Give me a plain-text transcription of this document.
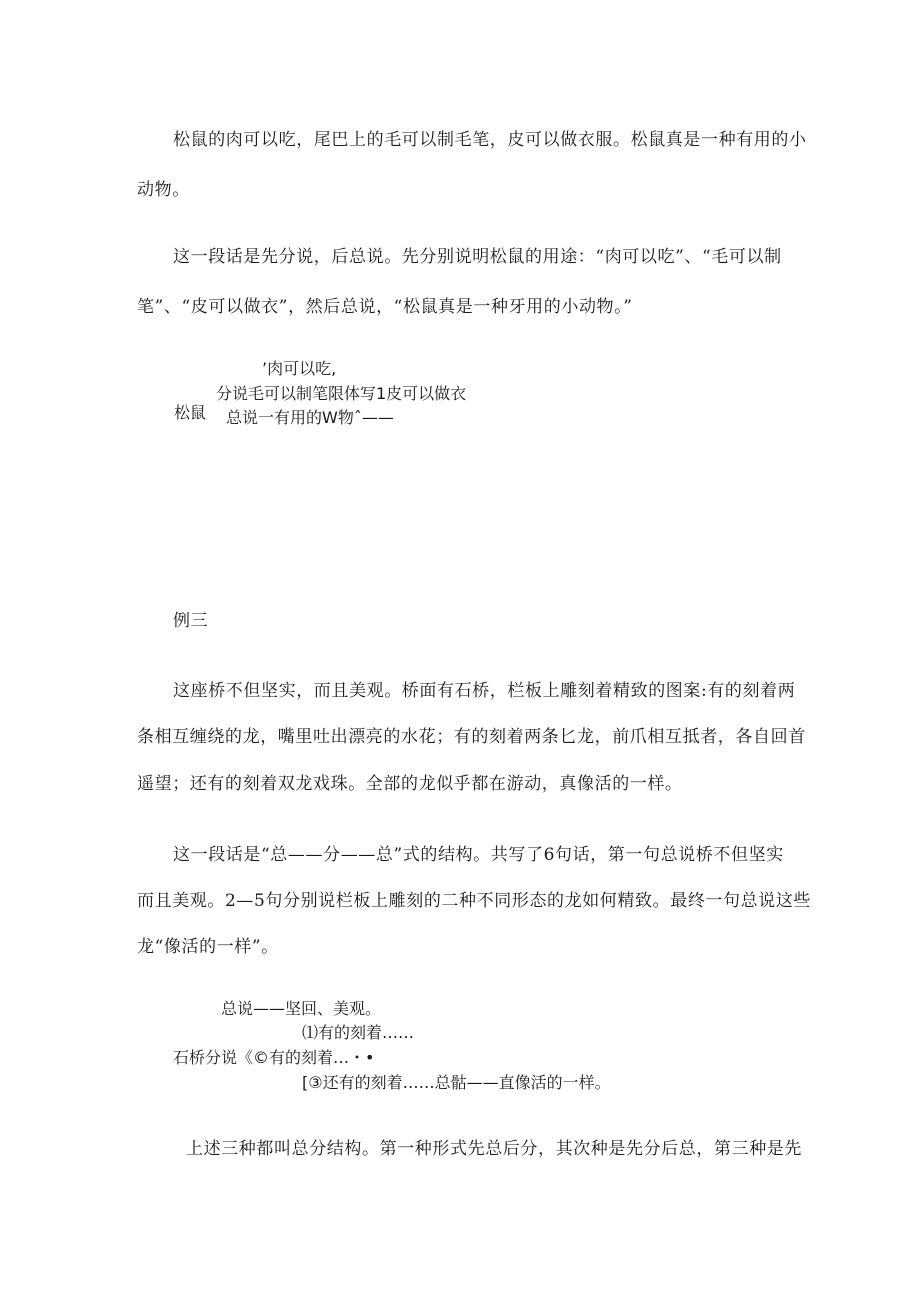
松鼠的肉可以吃，尾巴上的毛可以制毛笔，皮可以做衣服。松鼠真是一种有用的小
动物。
这一段话是先分说，后总说。先分别说明松鼠的用途：“肉可以吃”、“毛可以制
笔”、“皮可以做衣”，然后总说，“松鼠真是一种牙用的小动物。”
’肉可以吃,
分说毛可以制笔限体写1皮可以做衣
松鼠 总说一有用的W物ˆ——
例三
这座桥不但坚实，而且美观。桥面有石桥，栏板上雕刻着精致的图案:有的刻着两
条相互缠绕的龙，嘴里吐出漂亮的水花；有的刻着两条匕龙，前爪相互抵者，各自回首
遥望；还有的刻着双龙戏珠。全部的龙似乎都在游动，真像活的一样。
这一段话是“总——分——总”式的结构。共写了6句话，第一句总说桥不但坚实
而且美观。2—5句分别说栏板上雕刻的二种不同形态的龙如何精致。最终一句总说这些
龙“像活的一样”。
总说——坚回、美观。
⑴有的刻着……
石桥分说《©有的刻着…・•
[③还有的刻着……总骷——直像活的一样。
上述三种都叫总分结构。第一种形式先总后分，其次种是先分后总，第三种是先
